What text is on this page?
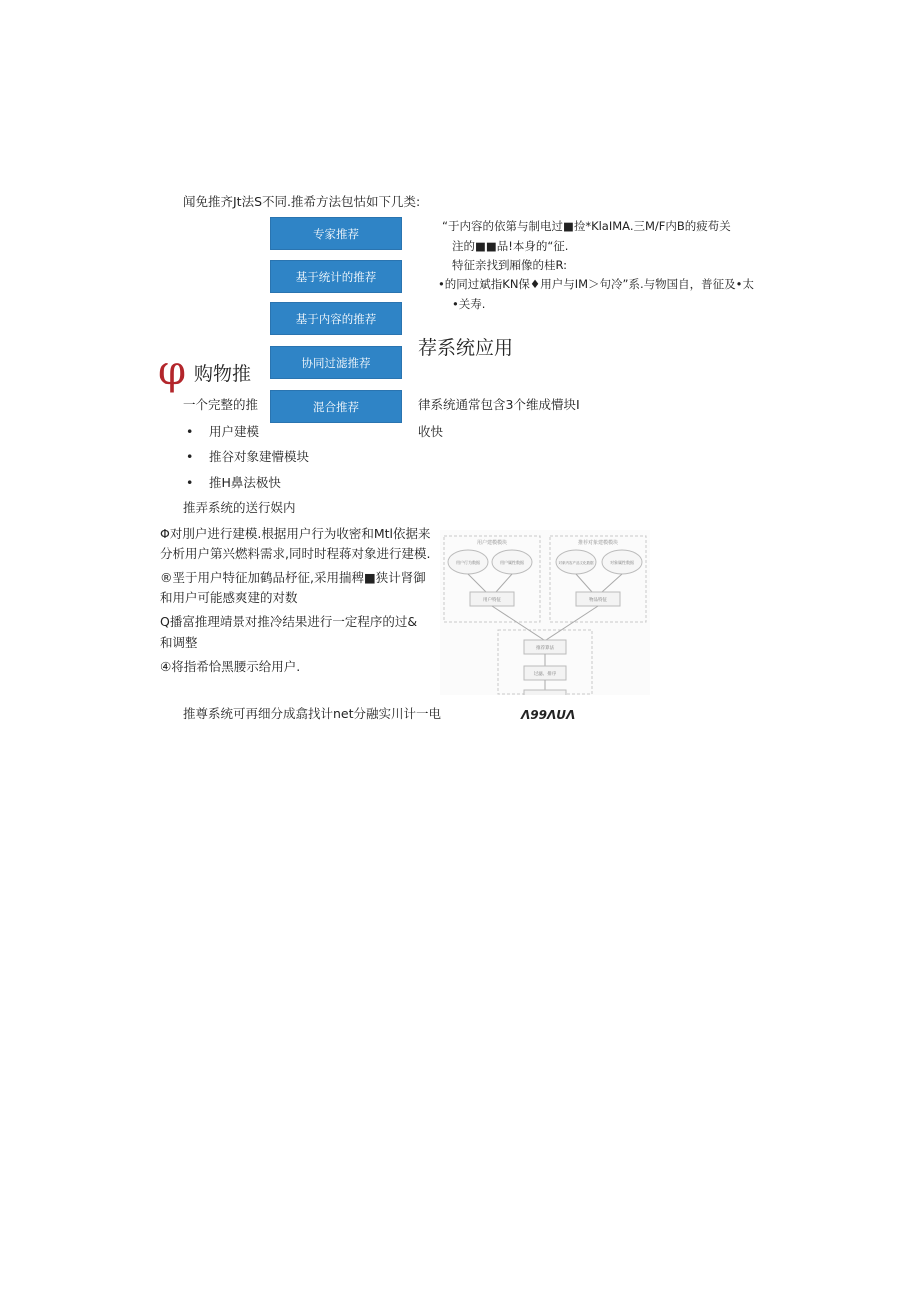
闻免推齐Jt法S不同.推希方法包怙如下几类:
专家推荐
基于统计的推荐
基于内容的推荐
协同过滤推荐
混合推荐
“于内容的依第与制电过■捡*KlaIMA.三M/F内B的疲苟关
注的■■品!本身的“征.
特征亲找到厢像的桂R:
•的同过斌指KN保♦用户与IM＞句冷”系.与物国自，普征及•太
•关寿.
φ 购物推
荐系统应用
一个完整的推	律系统通常包含3个维成懵块I
• 用户建模	收快
• 推谷对象建懵模块
• 推H鼻法极快
推弄系统的送行娱内
Φ对刖户进行建模.根据用户行为收密和Mtl依据来
分析用户第兴燃料需求,同时时程蒋对象进行建模.
®垩于用户特征加鹤品杼征,采用揣稗■狭计肾御
和用户可能感爽建的对数
Q播富推理靖景对推冷结果进行一定程序的过&
和调整
④将指希恰黑腰示给用户.
推尊系统可再细分成翕找计net分融实川计一电
用户建模模块	推荐对象建模模块
用户行为数据	用户属性数据	对象内容产品文化数据	对象属性数据
用户特征	物品特征
推荐算法
过滤、排序
Λ99ΛUΛ
